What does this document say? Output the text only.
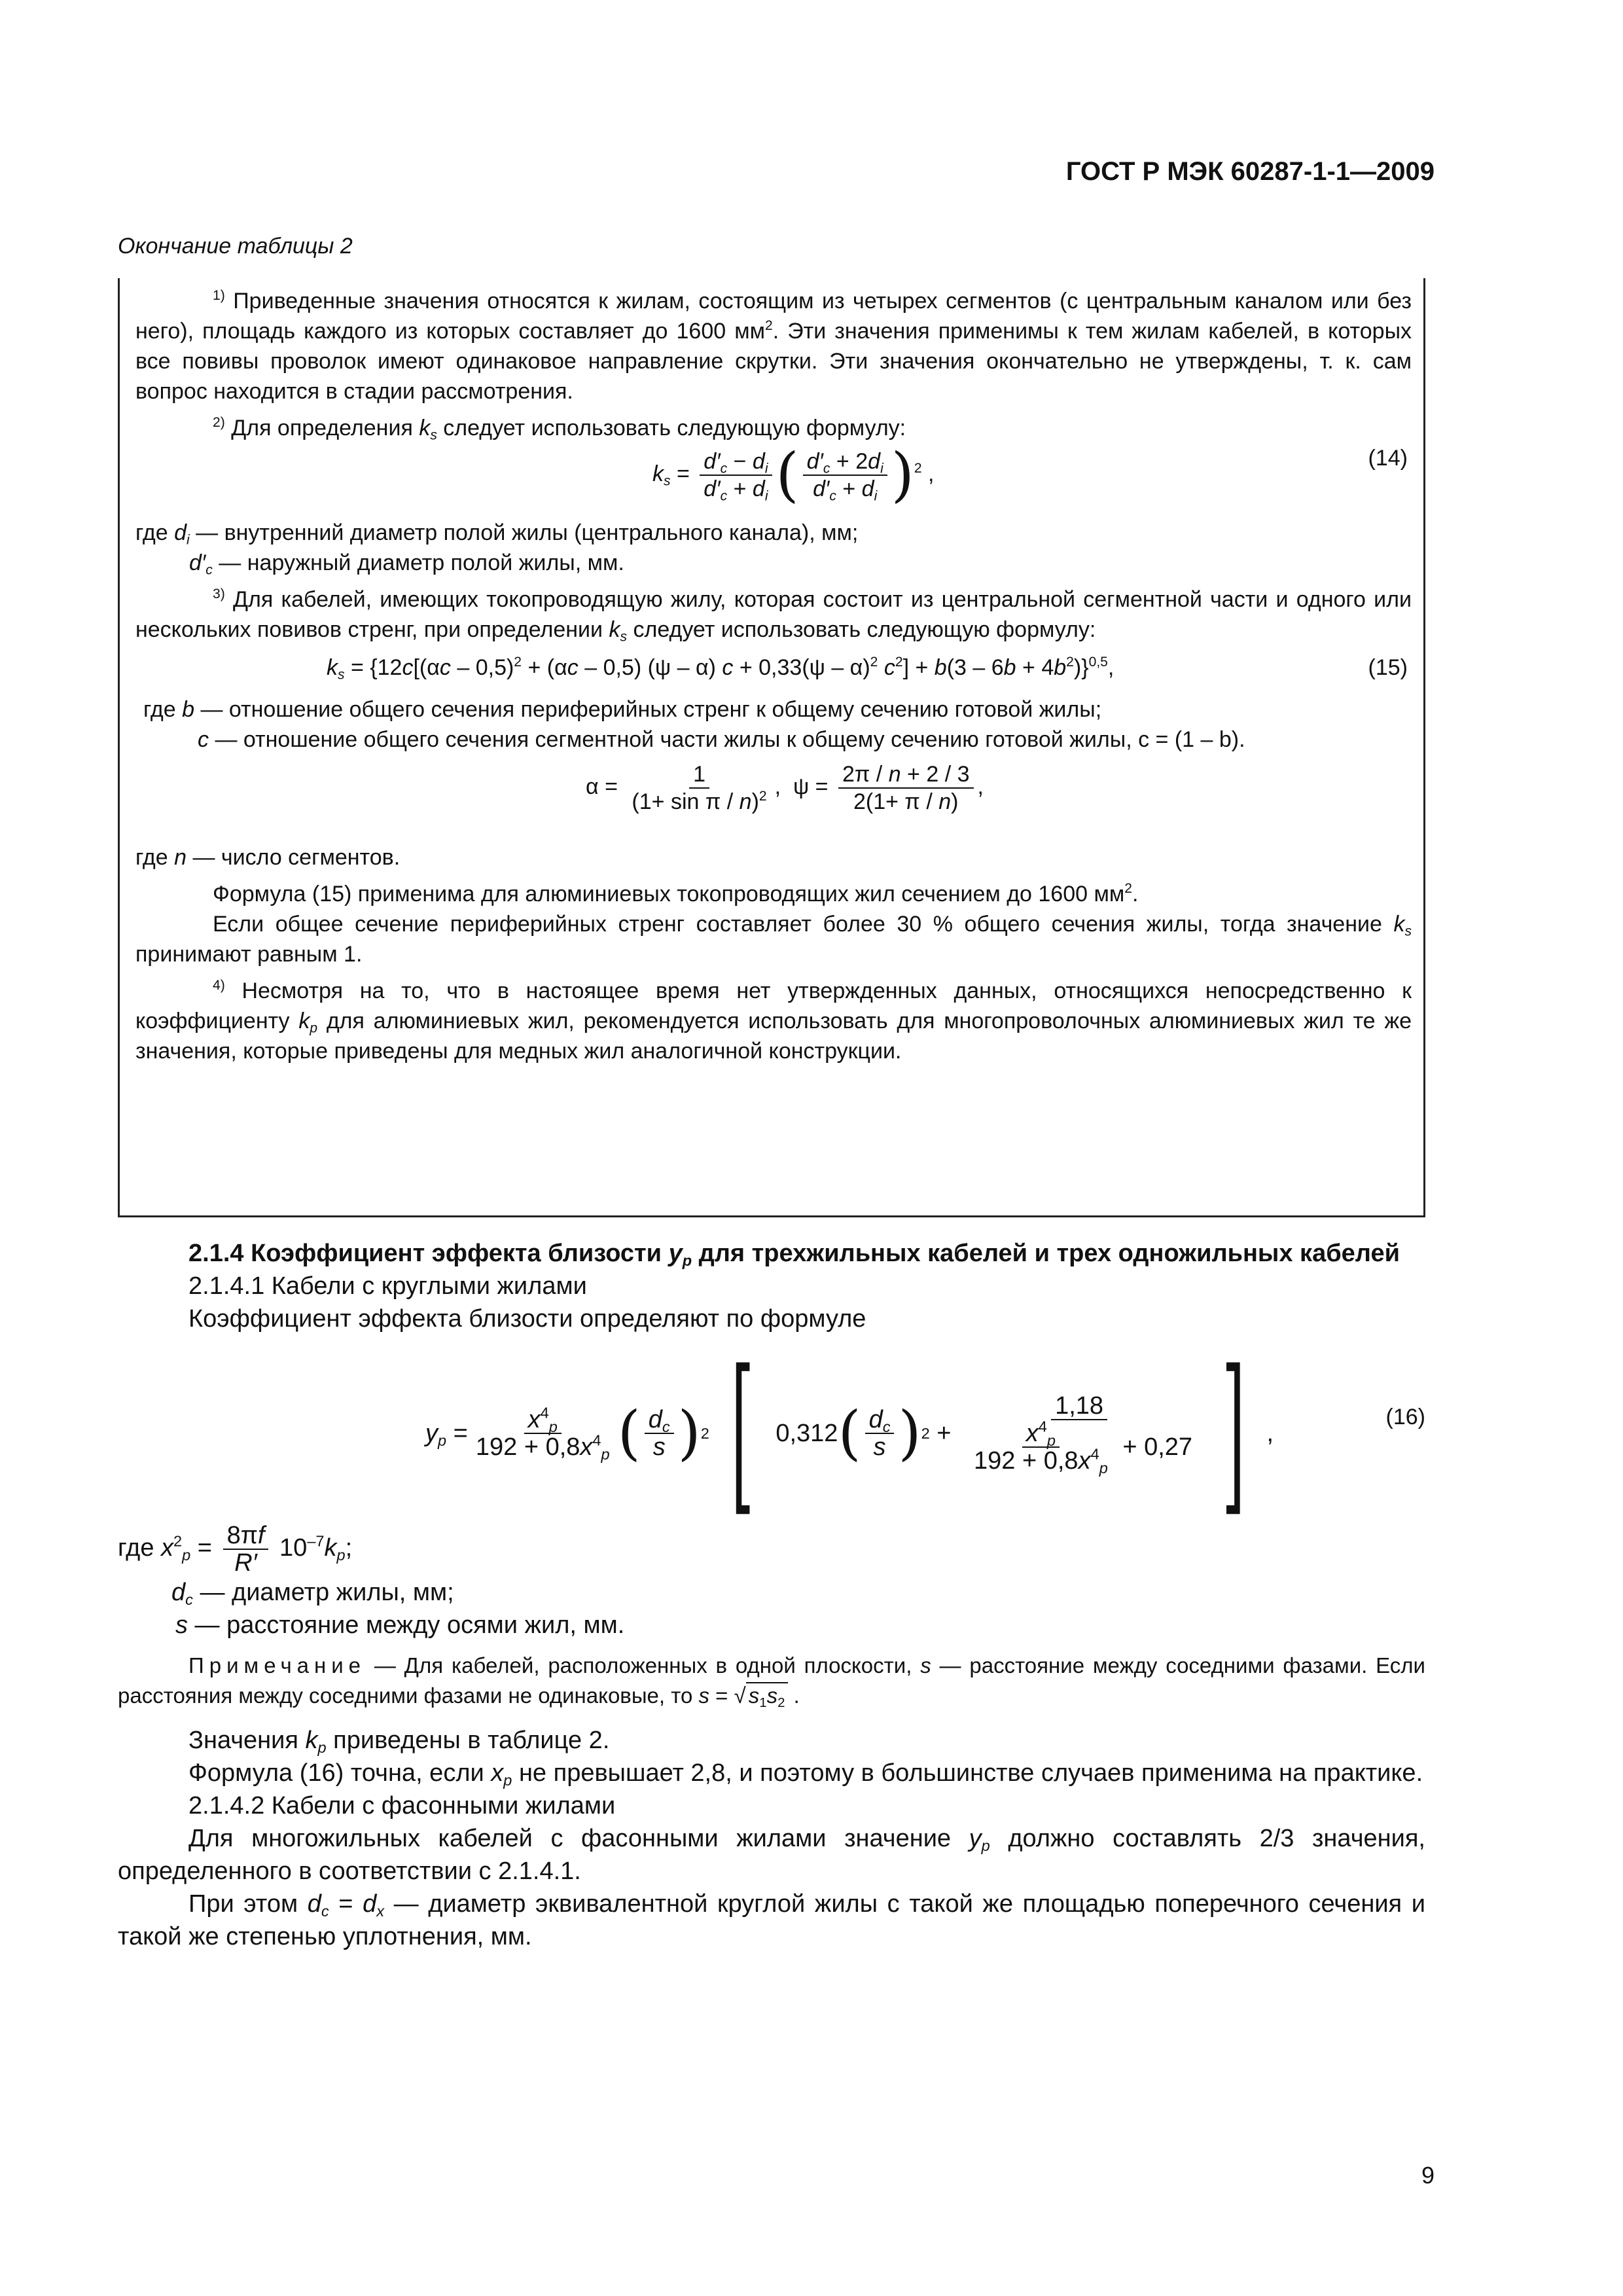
ГОСТ Р МЭК 60287-1-1—2009
Окончание таблицы 2

$^{1)}$ Приведенные значения относятся к жилам, состоящим из четырех сегментов (с центральным каналом или без него), площадь каждого из которых составляет до 1600 $мм^2$. Эти значения применимы к тем жилам кабелей, в которых все повивы проволок имеют одинаковое направление скрутки. Эти значения окончательно не утверждены, т. к. сам вопрос находится в стадии рассмотрения.

$^{2)}$ Для определения $k_s$ следует использовать следующую формулу:

$k_s = \frac{d'_c - d_i}{d'_c + d_i}$ ( $\frac{d'_c + 2d_i}{d'_c + d_i} )^2$ ,
(14)

где $d_i$ — внутренний диаметр полой жилы (центрального канала), мм;

$d'_c$ — наружный диаметр полой жилы, мм.

$^{3)}$ Для кабелей, имеющих токопроводящую жилу, которая состоит из центральной сегментной части и одного или нескольких повивов стренг, при определении $k_s$ следует использовать следующую формулу:

$k_s = \{12c[(\alpha c - 0,5)^2 + (\alpha c - 0,5)$ (ψ – α) c + 0,33(ψ – α)$^2$ $c^2] + b(3 - 6b + 4b^2)\}^{0,5}$,	(15)

где b — отношение общего сечения периферийных стренг к общему сечению готовой жилы;

c — отношение общего сечения сегментной части жилы к общему сечению готовой жилы, c = (1 – b).

$\alpha = \frac{1}{(1+ \sin \pi / n)^2}$ ,  $\psi = \frac{2\pi / n + 2 / 3}{2(1+ \pi / n)}$ ,

где n — число сегментов.

Формула (15) применима для алюминиевых токопроводящих жил сечением до 1600 $мм^2$.

Если общее сечение периферийных стренг составляет более 30 % общего сечения жилы, тогда значение $k_s$ принимают равным 1.

$^{4)}$ Несмотря на то, что в настоящее время нет утвержденных данных, относящихся непосредственно к коэффициенту $k_p$ для алюминиевых жил, рекомендуется использовать для многопроволочных алюминиевых жил те же значения, которые приведены для медных жил аналогичной конструкции.

2.1.4 Коэффициент эффекта близости $y_p$ для трехжильных кабелей и трех одножильных кабелей

2.1.4.1 Кабели с круглыми жилами

Коэффициент эффекта близости определяют по формуле

$y_p = \frac{x^4_p}{192 + 0,8x^4_p}$ ( $\frac{d_c}{s}$ ) 2 [ 0,312 ( $\frac{d_c}{s}$ ) $2 + \frac{1,18}{\frac{x^4_p}{192 + 0,8x^4_p} + 0,27}$ ] ,
(16)

где $x^2_p = \frac{8\pi f}{R'} 10^{-7}k_p$;

$d_c$ — диаметр жилы, мм;

s — расстояние между осями жил, мм.

Примечание — Для кабелей, расположенных в одной плоскости, s — расстояние между соседними фазами. Если расстояния между соседними фазами не одинаковые, то s = √ $s_1s_2$ .

Значения $k_p$ приведены в таблице 2.

Формула (16) точна, если $x_p$ не превышает 2,8, и поэтому в большинстве случаев применима на практике.

2.1.4.2 Кабели с фасонными жилами

Для многожильных кабелей с фасонными жилами значение $y_p$ должно составлять 2/3 значения, определенного в соответствии с 2.1.4.1.

При этом $d_c = d_x$ — диаметр эквивалентной круглой жилы с такой же площадью поперечного сечения и такой же степенью уплотнения, мм.

9
